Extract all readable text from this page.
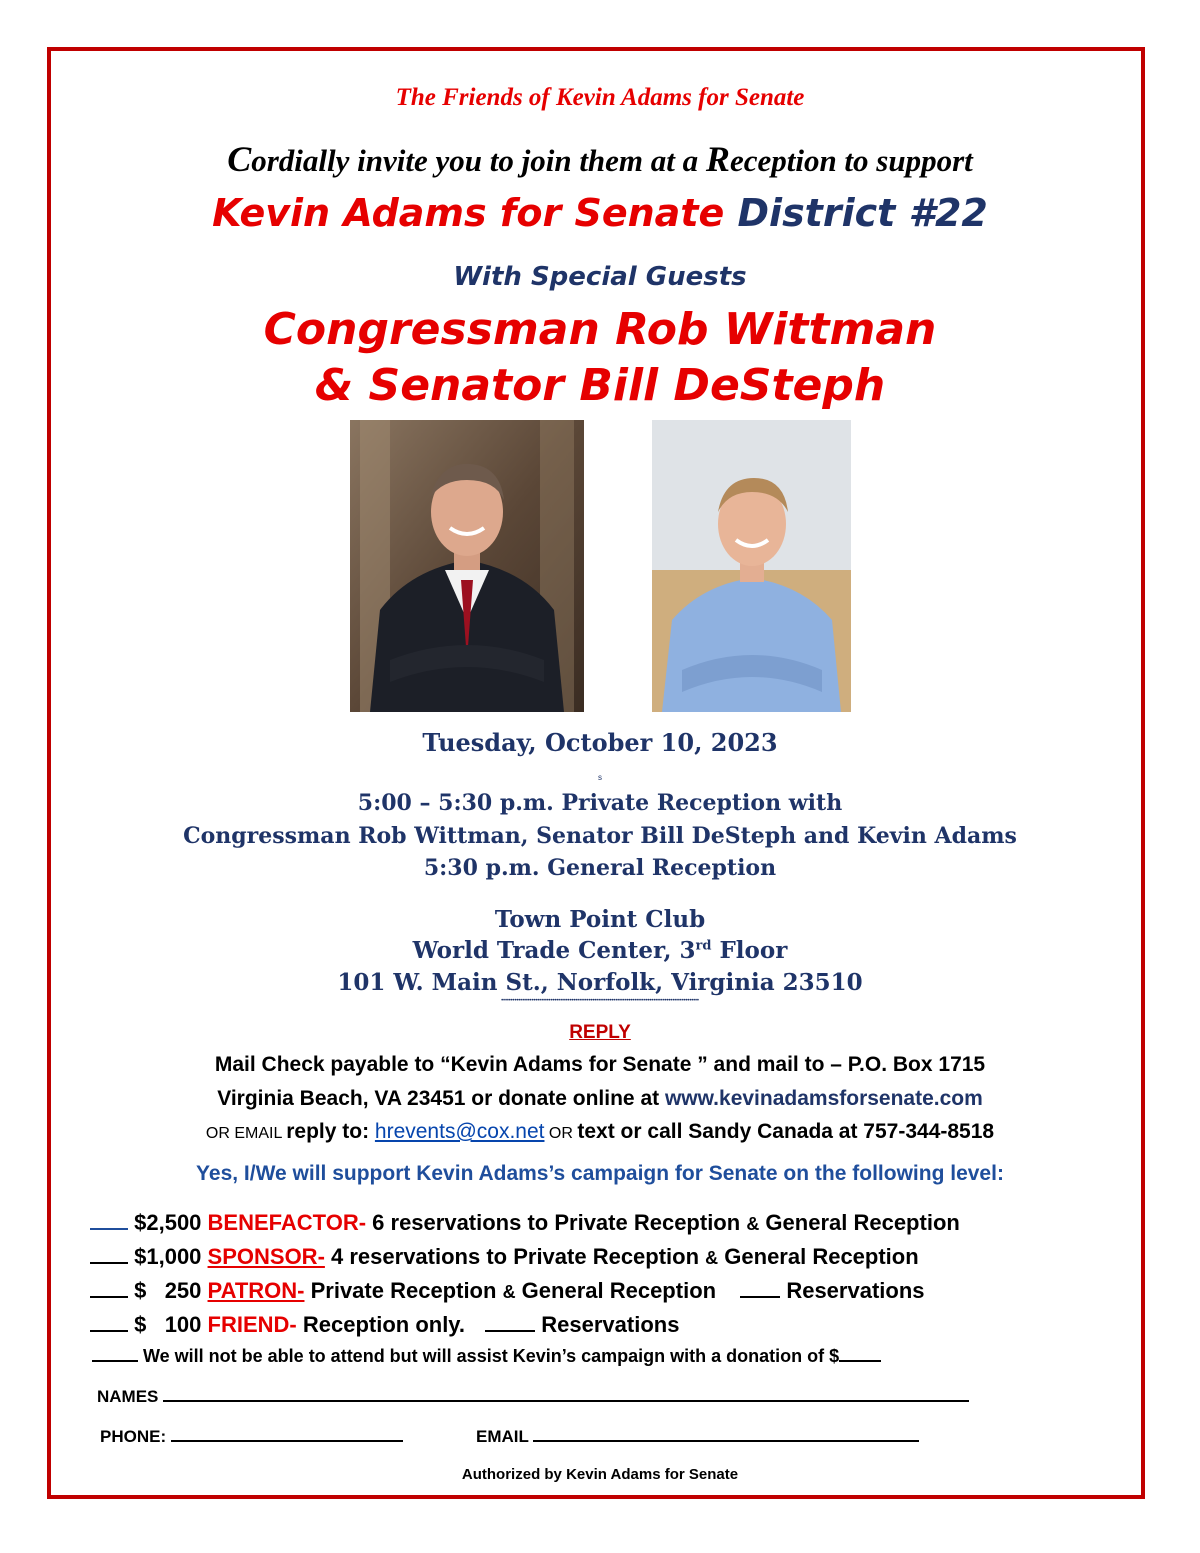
The Friends of Kevin Adams for Senate
Cordially invite you to join them at a Reception to support
Kevin Adams for Senate District #22
With Special Guests
Congressman Rob Wittman
& Senator Bill DeSteph
Tuesday, October 10, 2023
s
5:00 – 5:30 p.m. Private Reception with
Congressman Rob Wittman, Senator Bill DeSteph and Kevin Adams
5:30 p.m. General Reception
Town Point Club
World Trade Center, 3rd Floor
101 W. Main St., Norfolk, Virginia 23510
••••••••••••••••••••••••••••••••••••••••••••••••••••••••••••••••••••••••••••••••••••••••••••••••••••••••
REPLY
Mail Check payable to “Kevin Adams for Senate ” and mail to – P.O. Box 1715
Virginia Beach, VA 23451 or donate online at www.kevinadamsforsenate.com
OR EMAIL reply to: hrevents@cox.net OR text or call Sandy Canada at 757-344-8518
Yes, I/We will support Kevin Adams’s campaign for Senate on the following level:
$2,500 BENEFACTOR- 6 reservations to Private Reception & General Reception
$1,000 SPONSOR- 4 reservations to Private Reception & General Reception
$   250 PATRON- Private Reception & General Reception	Reservations
$   100 FRIEND- Reception only.	Reservations
We will not be able to attend but will assist Kevin’s campaign with a donation of $
NAMES
PHONE:	EMAIL
Authorized by Kevin Adams for Senate
